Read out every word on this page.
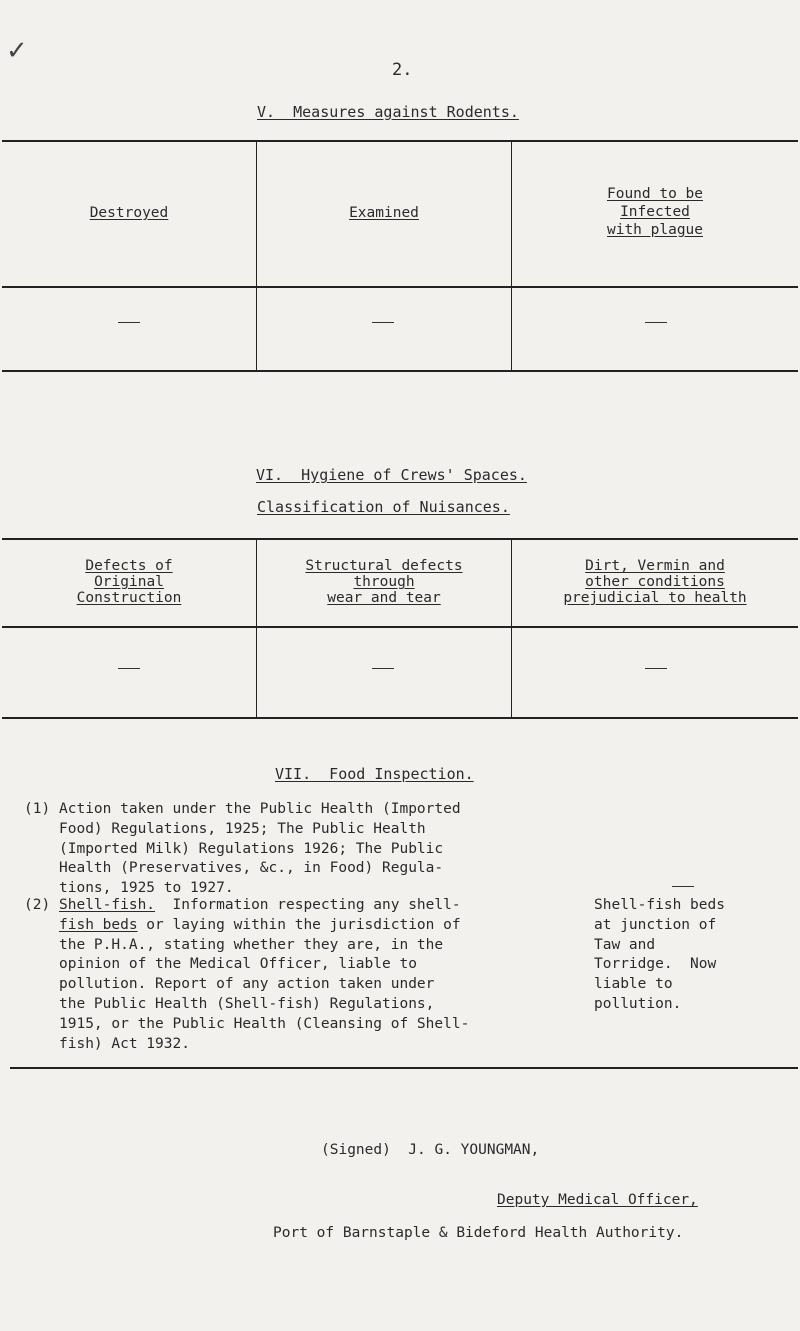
✓
2.
V.  Measures against Rodents.
Destroyed	Examined
Found to be
Infected
with plague
VI.  Hygiene of Crews' Spaces.
Classification of Nuisances.
Defects of
Original
Construction
Structural defects
through
wear and tear
Dirt, Vermin and
other conditions
prejudicial to health
VII.  Food Inspection.
(1) Action taken under the Public Health (Imported
Food) Regulations, 1925; The Public Health
(Imported Milk) Regulations 1926; The Public
Health (Preservatives, &c., in Food) Regula-
tions, 1925 to 1927.
(2) Shell-fish. Information respecting any shell-
fish beds or laying within the jurisdiction of
the P.H.A., stating whether they are, in the
opinion of the Medical Officer, liable to
pollution. Report of any action taken under
the Public Health (Shell-fish) Regulations,
1915, or the Public Health (Cleansing of Shell-
fish) Act 1932.
Shell-fish beds
at junction of
Taw and
Torridge.  Now
liable to
pollution.
(Signed)  J. G. YOUNGMAN,
Deputy Medical Officer,
Port of Barnstaple & Bideford Health Authority.
